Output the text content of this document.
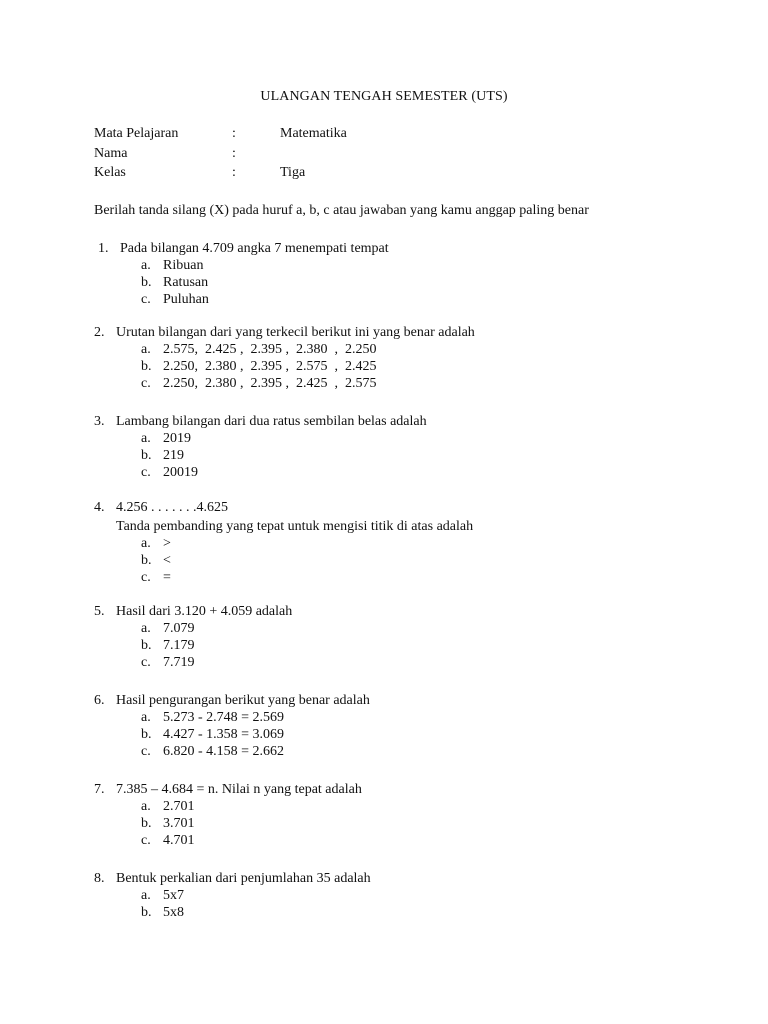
ULANGAN TENGAH SEMESTER (UTS)
Mata Pelajaran	:	Matematika
Nama	:
Kelas	:	Tiga
Berilah tanda silang (X) pada huruf a, b, c atau jawaban yang kamu anggap paling benar
1. Pada bilangan 4.709 angka 7 menempati tempat
a. Ribuan
b. Ratusan
c. Puluhan
2. Urutan bilangan dari yang terkecil berikut ini yang benar adalah
a. 2.575,  2.425 ,  2.395 ,  2.380  ,  2.250
b. 2.250,  2.380 ,  2.395 ,  2.575  ,  2.425
c. 2.250,  2.380 ,  2.395 ,  2.425  ,  2.575
3. Lambang bilangan dari dua ratus sembilan belas adalah
a. 2019
b. 219
c. 20019
4. 4.256 . . . . . . .4.625
Tanda pembanding yang tepat untuk mengisi titik di atas adalah
a. >
b. <
c. =
5. Hasil dari 3.120 + 4.059 adalah
a. 7.079
b. 7.179
c. 7.719
6. Hasil pengurangan berikut yang benar adalah
a. 5.273 - 2.748 = 2.569
b. 4.427 - 1.358 = 3.069
c. 6.820 - 4.158 = 2.662
7. 7.385 – 4.684 = n. Nilai n yang tepat adalah
a. 2.701
b. 3.701
c. 4.701
8. Bentuk perkalian dari penjumlahan 35 adalah
a. 5x7
b. 5x8
